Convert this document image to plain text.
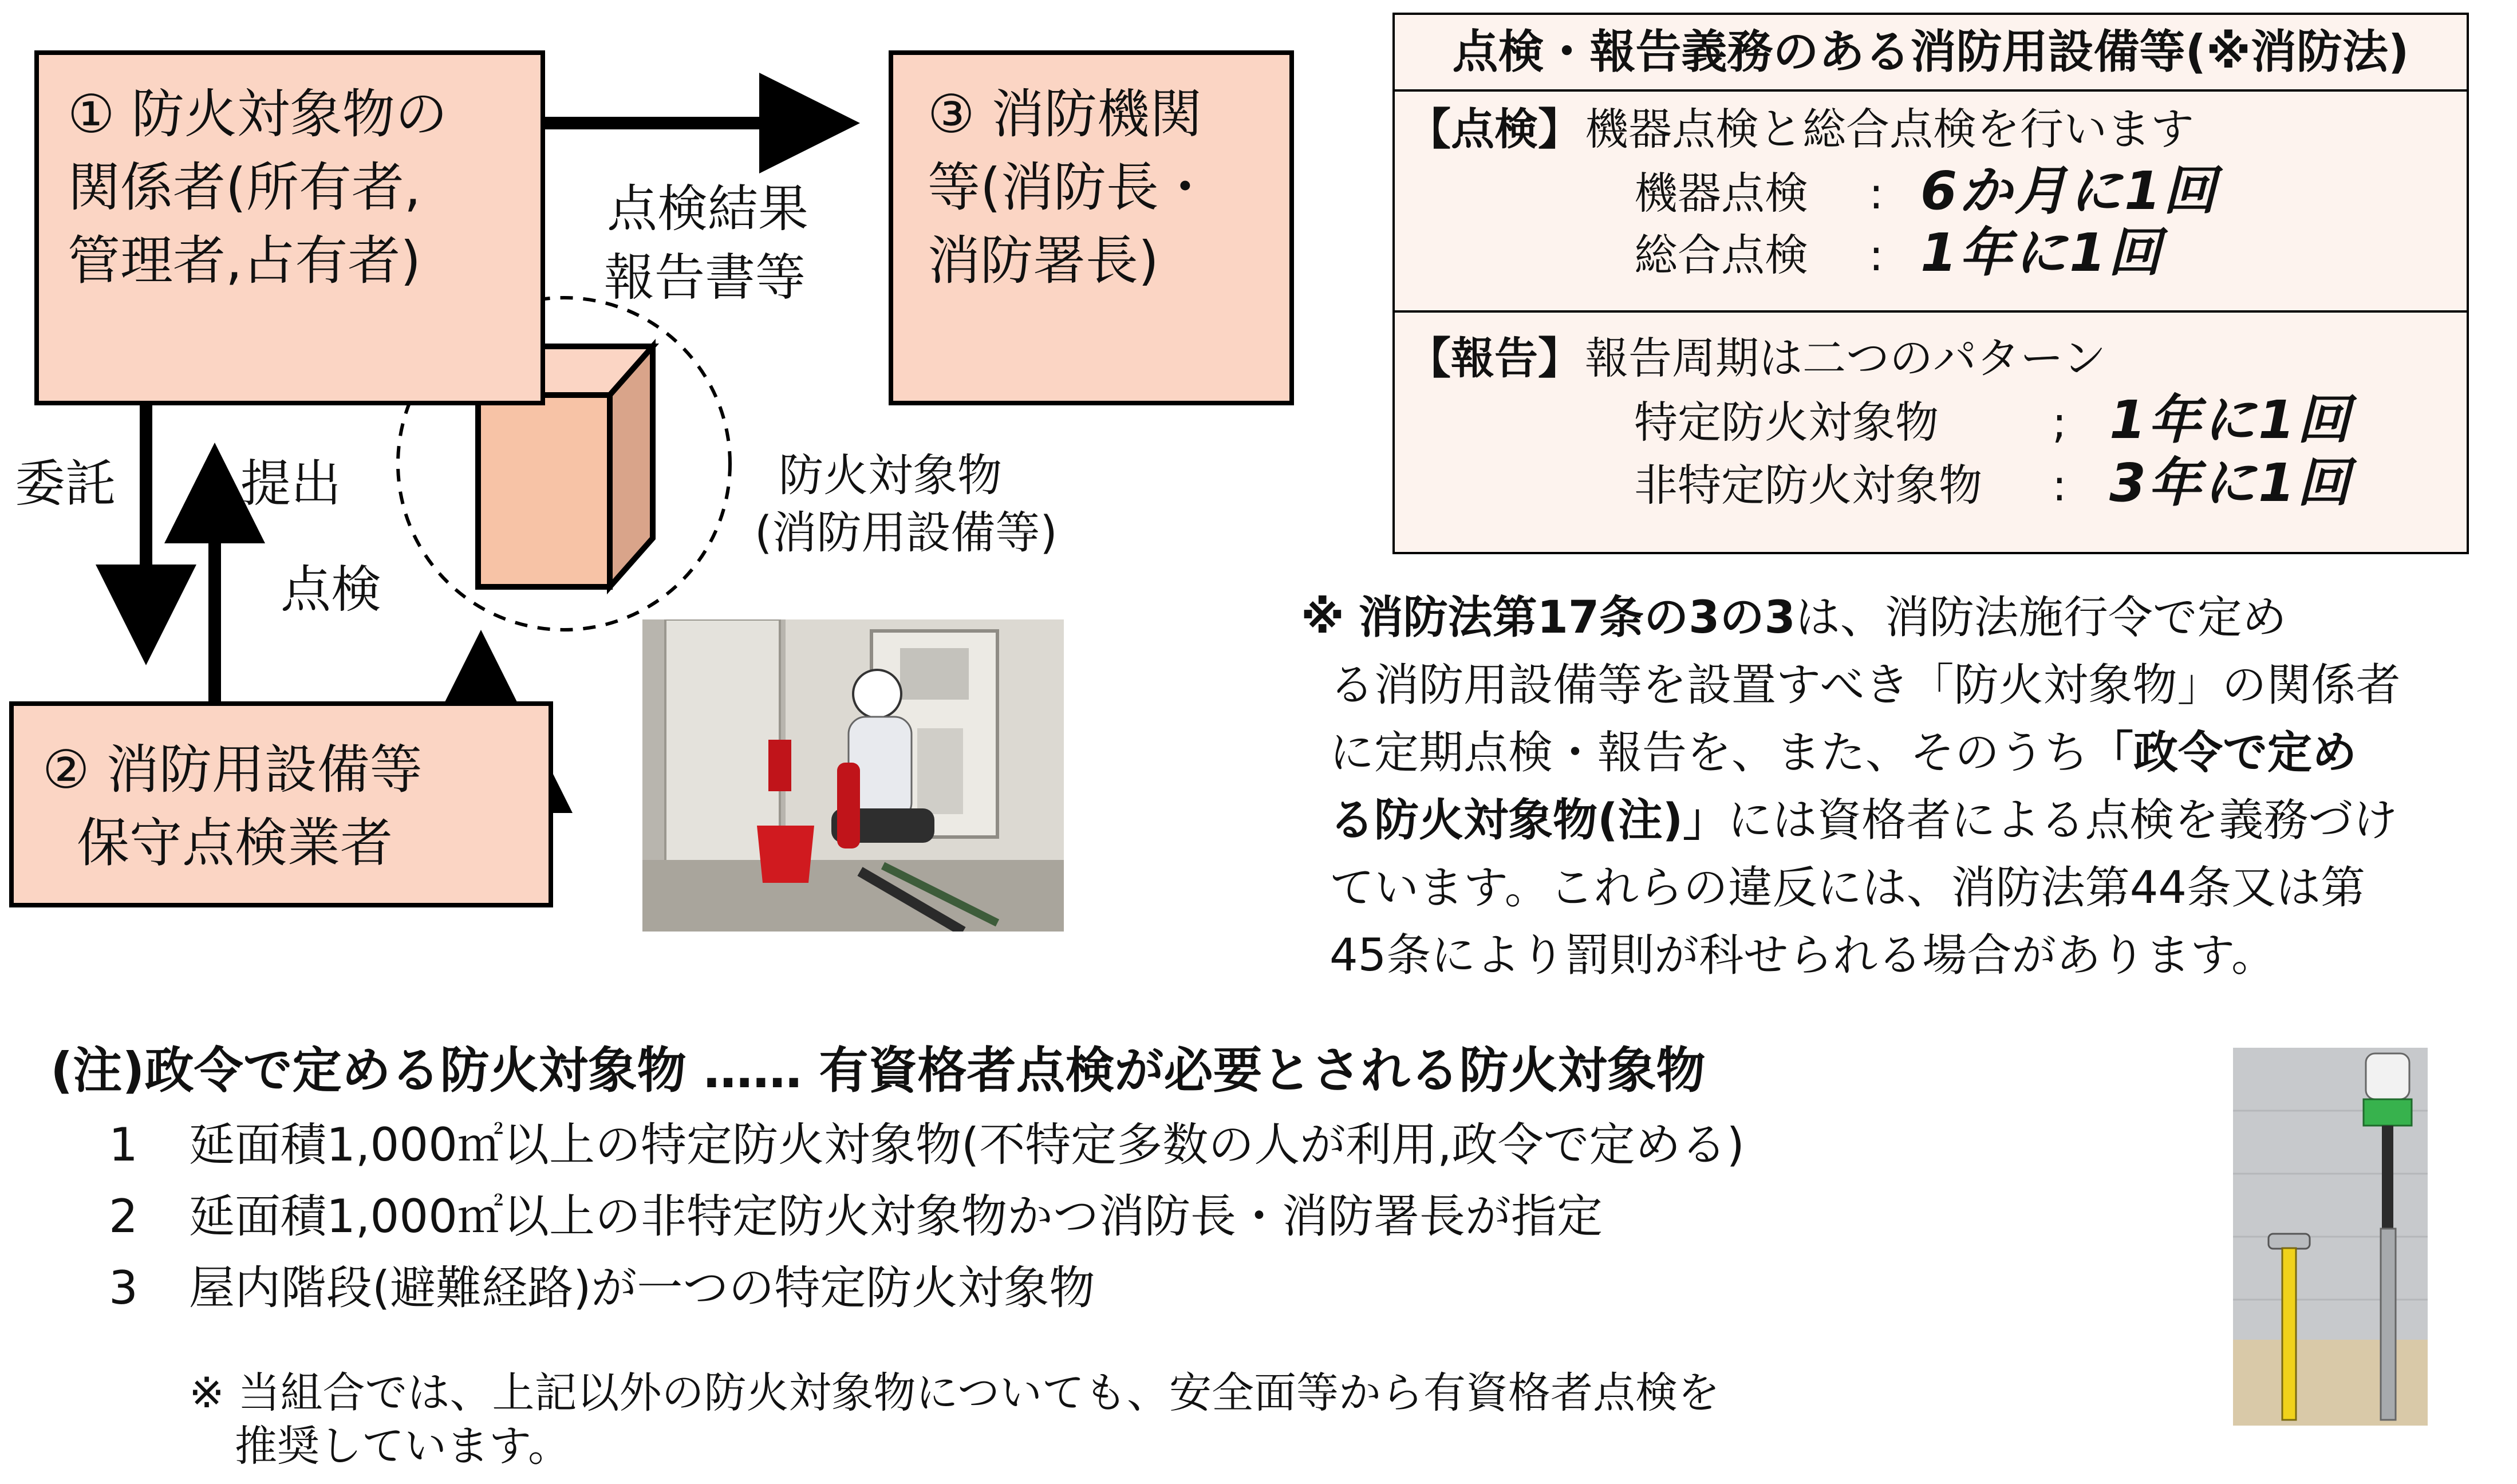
① 防火対象物の
関係者(所有者,
管理者,占有者)
③ 消防機関
等(消防長・
消防署長)
② 消防用設備等
保守点検業者
点検結果
報告書等
委託 提出
点検
防火対象物
(消防用設備等)
点検・報告義務のある消防用設備等(※消防法)
【点検】 機器点検と総合点検を行います
機器点検 : 6か月に1回
総合点検 : 1年に1回
【報告】 報告周期は二つのパターン
特定防火対象物	; 1年に1回
非特定防火対象物 : 3年に1回

※ 消防法第17条の3の3は、消防法施行令で定め

る消防用設備等を設置すべき「防火対象物」の関係者

に定期点検・報告を、また、そのうち「政令で定め

る防火対象物(注)」には資格者による点検を義務づけ

ています。これらの違反には、消防法第44条又は第

45条により罰則が科せられる場合があります。

(注)政令で定める防火対象物 …… 有資格者点検が必要とされる防火対象物
1 延面積1,000㎡以上の特定防火対象物(不特定多数の人が利用,政令で定める)
2 延面積1,000㎡以上の非特定防火対象物かつ消防長・消防署長が指定
3 屋内階段(避難経路)が一つの特定防火対象物
※ 当組合では、上記以外の防火対象物についても、安全面等から有資格者点検を
推奨しています。
